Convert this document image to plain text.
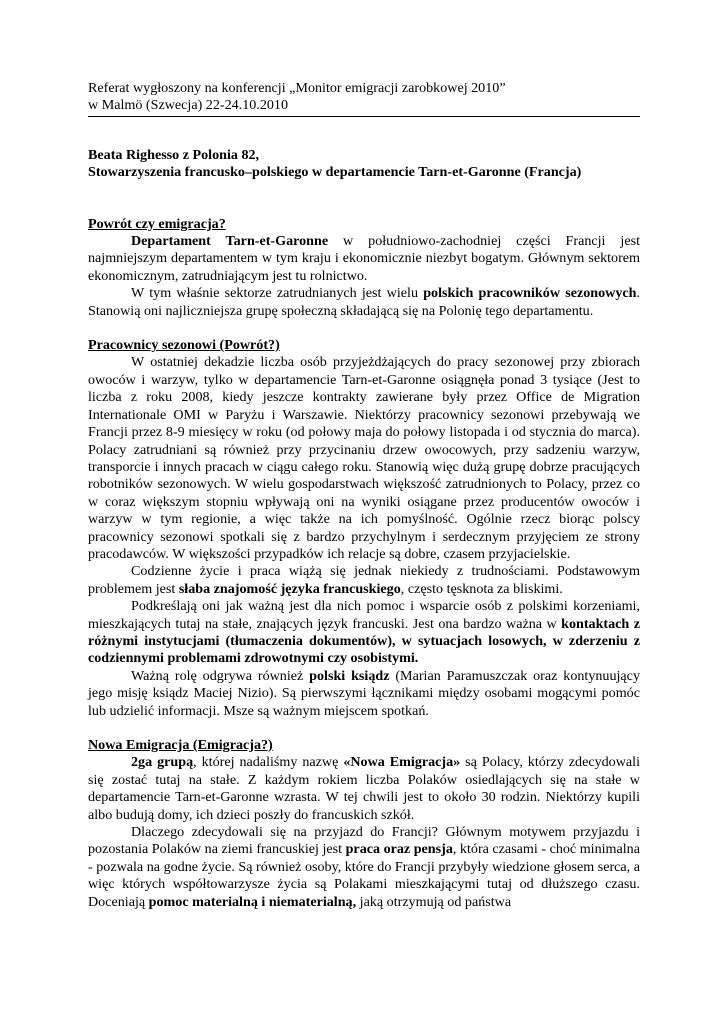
Referat wygłoszony na konferencji „Monitor emigracji zarobkowej 2010”
w Malmö (Szwecja) 22-24.10.2010
Beata Righesso z Polonia 82,
Stowarzyszenia francusko–polskiego w departamencie Tarn-et-Garonne (Francja)
Powrót czy emigracja?

Departament Tarn-et-Garonne w południowo-zachodniej części Francji jest najmniejszym departamentem w tym kraju i ekonomicznie niezbyt bogatym. Głównym sektorem ekonomicznym, zatrudniającym jest tu rolnictwo.

W tym właśnie sektorze zatrudnianych jest wielu polskich pracowników sezonowych. Stanowią oni najliczniejsza grupę społeczną składającą się na Polonię tego departamentu.

Pracownicy sezonowi (Powrót?)

W ostatniej dekadzie liczba osób przyjeżdżających do pracy sezonowej przy zbiorach owoców i warzyw, tylko w departamencie Tarn-et-Garonne osiągnęła ponad 3 tysiące (Jest to liczba z roku 2008, kiedy jeszcze kontrakty zawierane były przez Office de Migration Internationale OMI w Paryżu i Warszawie. Niektórzy pracownicy sezonowi przebywają we Francji przez 8-9 miesięcy w roku (od połowy maja do połowy listopada i od stycznia do marca). Polacy zatrudniani są również przy przycinaniu drzew owocowych, przy sadzeniu warzyw, transporcie i innych pracach w ciągu całego roku. Stanowią więc dużą grupę dobrze pracujących robotników sezonowych. W wielu gospodarstwach większość zatrudnionych to Polacy, przez co w coraz większym stopniu wpływają oni na wyniki osiągane przez producentów owoców i warzyw w tym regionie, a więc także na ich pomyślność. Ogólnie rzecz biorąc polscy pracownicy sezonowi spotkali się z bardzo przychylnym i serdecznym przyjęciem ze strony pracodawców. W większości przypadków ich relacje są dobre, czasem przyjacielskie.

Codzienne życie i praca wiążą się jednak niekiedy z trudnościami. Podstawowym problemem jest słaba znajomość języka francuskiego, często tęsknota za bliskimi.

Podkreślają oni jak ważną jest dla nich pomoc i wsparcie osób z polskimi korzeniami, mieszkających tutaj na stałe, znających język francuski. Jest ona bardzo ważna w kontaktach z różnymi instytucjami (tłumaczenia dokumentów), w sytuacjach losowych, w zderzeniu z codziennymi problemami zdrowotnymi czy osobistymi.

Ważną rolę odgrywa również polski ksiądz (Marian Paramuszczak oraz kontynuujący jego misję ksiądz Maciej Nizio). Są pierwszymi łącznikami między osobami mogącymi pomóc lub udzielić informacji. Msze są ważnym miejscem spotkań.

Nowa Emigracja (Emigracja?)

2ga grupą, której nadaliśmy nazwę «Nowa Emigracja» są Polacy, którzy zdecydowali się zostać tutaj na stałe. Z każdym rokiem liczba Polaków osiedlających się na stałe w departamencie Tarn-et-Garonne wzrasta. W tej chwili jest to około 30 rodzin. Niektórzy kupili albo budują domy, ich dzieci poszły do francuskich szkół.

Dlaczego zdecydowali się na przyjazd do Francji? Głównym motywem przyjazdu i pozostania Polaków na ziemi francuskiej jest praca oraz pensja, która czasami - choć minimalna - pozwala na godne życie. Są również osoby, które do Francji przybyły wiedzione głosem serca, a więc których współtowarzysze życia są Polakami mieszkającymi tutaj od dłuższego czasu. Doceniają pomoc materialną i niematerialną, jaką otrzymują od państwa
